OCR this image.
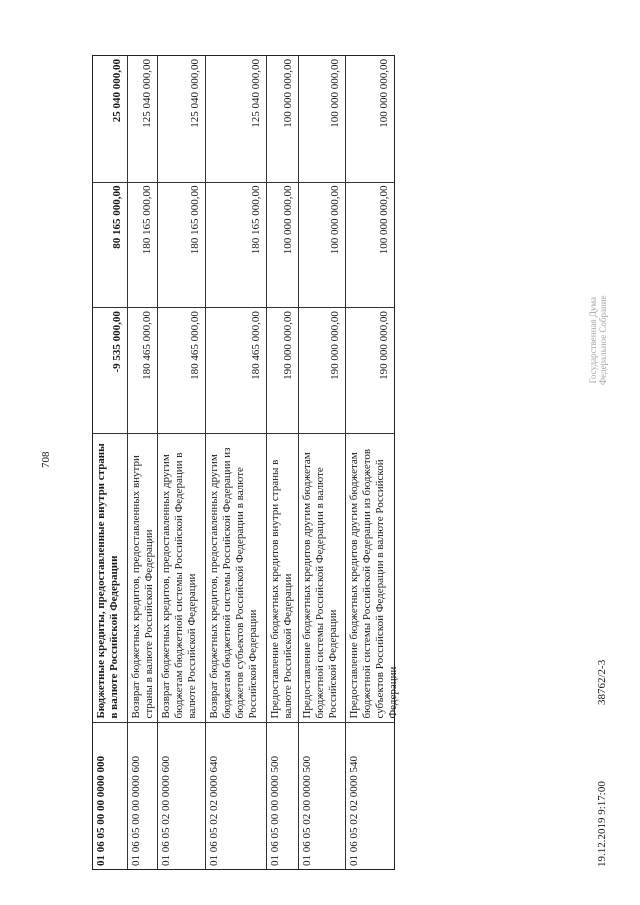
708
01 06 05 00 00 0000 000
Бюджетные кредиты, предоставленные внутри страны в валюте Российской Федерации
-9 535 000,00
80 165 000,00
25 040 000,00
01 06 05 00 00 0000 600
Возврат бюджетных кредитов, предоставленных внутри страны в валюте Российской Федерации
180 465 000,00
180 165 000,00
125 040 000,00
01 06 05 02 00 0000 600
Возврат бюджетных кредитов, предоставленных другим бюджетам бюджетной системы Российской Федерации в валюте Российской Федерации
180 465 000,00
180 165 000,00
125 040 000,00
01 06 05 02 02 0000 640
Возврат бюджетных кредитов, предоставленных другим бюджетам бюджетной системы Российской Федерации из бюджетов субъектов Российской Федерации в валюте Российской Федерации
180 465 000,00
180 165 000,00
125 040 000,00
01 06 05 00 00 0000 500
Предоставление бюджетных кредитов внутри страны в валюте Российской Федерации
190 000 000,00
100 000 000,00
100 000 000,00
01 06 05 02 00 0000 500
Предоставление бюджетных кредитов другим бюджетам бюджетной системы Российской Федерации в валюте Российской Федерации
190 000 000,00
100 000 000,00
100 000 000,00
01 06 05 02 02 0000 540
Предоставление бюджетных кредитов другим бюджетам бюджетной системы Российской Федерации из бюджетов субъектов Российской Федерации в валюте Российской Федерации
190 000 000,00
100 000 000,00
100 000 000,00
19.12.2019 9:17:00
38762/2-3
Государственная Дума Федеральное Собрание
